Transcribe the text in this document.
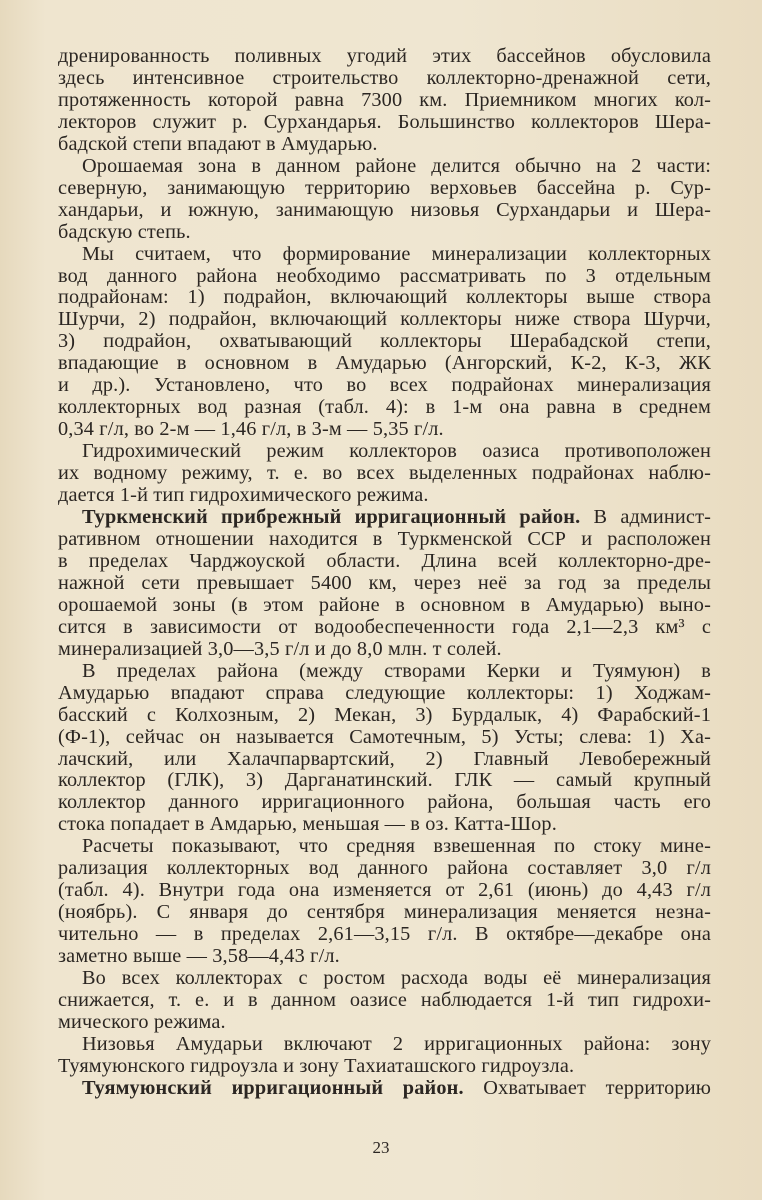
дренированность поливных угодий этих бассейнов обусловила
здесь интенсивное строительство коллекторно-дренажной сети,
протяженность которой равна 7300 км. Приемником многих кол-
лекторов служит р. Сурхандарья. Большинство коллекторов Шера-
бадской степи впадают в Амударью.
Орошаемая зона в данном районе делится обычно на 2 части:
северную, занимающую территорию верховьев бассейна р. Сур-
хандарьи, и южную, занимающую низовья Сурхандарьи и Шера-
бадскую степь.
Мы считаем, что формирование минерализации коллекторных
вод данного района необходимо рассматривать по 3 отдельным
подрайонам: 1) подрайон, включающий коллекторы выше створа
Шурчи, 2) подрайон, включающий коллекторы ниже створа Шурчи,
3) подрайон, охватывающий коллекторы Шерабадской степи,
впадающие в основном в Амударью (Ангорский, К-2, К-3, ЖК
и др.). Установлено, что во всех подрайонах минерализация
коллекторных вод разная (табл. 4): в 1-м она равна в среднем
0,34 г/л, во 2-м — 1,46 г/л, в 3-м — 5,35 г/л.
Гидрохимический режим коллекторов оазиса противоположен
их водному режиму, т. е. во всех выделенных подрайонах наблю-
дается 1-й тип гидрохимического режима.
Туркменский прибрежный ирригационный район. В админист-
ративном отношении находится в Туркменской ССР и расположен
в пределах Чарджоуской области. Длина всей коллекторно-дре-
нажной сети превышает 5400 км, через неё за год за пределы
орошаемой зоны (в этом районе в основном в Амударью) выно-
сится в зависимости от водообеспеченности года 2,1—2,3 км³ с
минерализацией 3,0—3,5 г/л и до 8,0 млн. т солей.
В пределах района (между створами Керки и Туямуюн) в
Амударью впадают справа следующие коллекторы: 1) Ходжам-
басский с Колхозным, 2) Мекан, 3) Бурдалык, 4) Фарабский-1
(Ф-1), сейчас он называется Самотечным, 5) Усты; слева: 1) Ха-
лачский, или Халачпарвартский, 2) Главный Левобережный
коллектор (ГЛК), 3) Дарганатинский. ГЛК — самый крупный
коллектор данного ирригационного района, большая часть его
стока попадает в Амдарью, меньшая — в оз. Катта-Шор.
Расчеты показывают, что средняя взвешенная по стоку мине-
рализация коллекторных вод данного района составляет 3,0 г/л
(табл. 4). Внутри года она изменяется от 2,61 (июнь) до 4,43 г/л
(ноябрь). С января до сентября минерализация меняется незна-
чительно — в пределах 2,61—3,15 г/л. В октябре—декабре она
заметно выше — 3,58—4,43 г/л.
Во всех коллекторах с ростом расхода воды её минерализация
снижается, т. е. и в данном оазисе наблюдается 1-й тип гидрохи-
мического режима.
Низовья Амударьи включают 2 ирригационных района: зону
Туямуюнского гидроузла и зону Тахиаташского гидроузла.
Туямуюнский ирригационный район. Охватывает территорию
23
